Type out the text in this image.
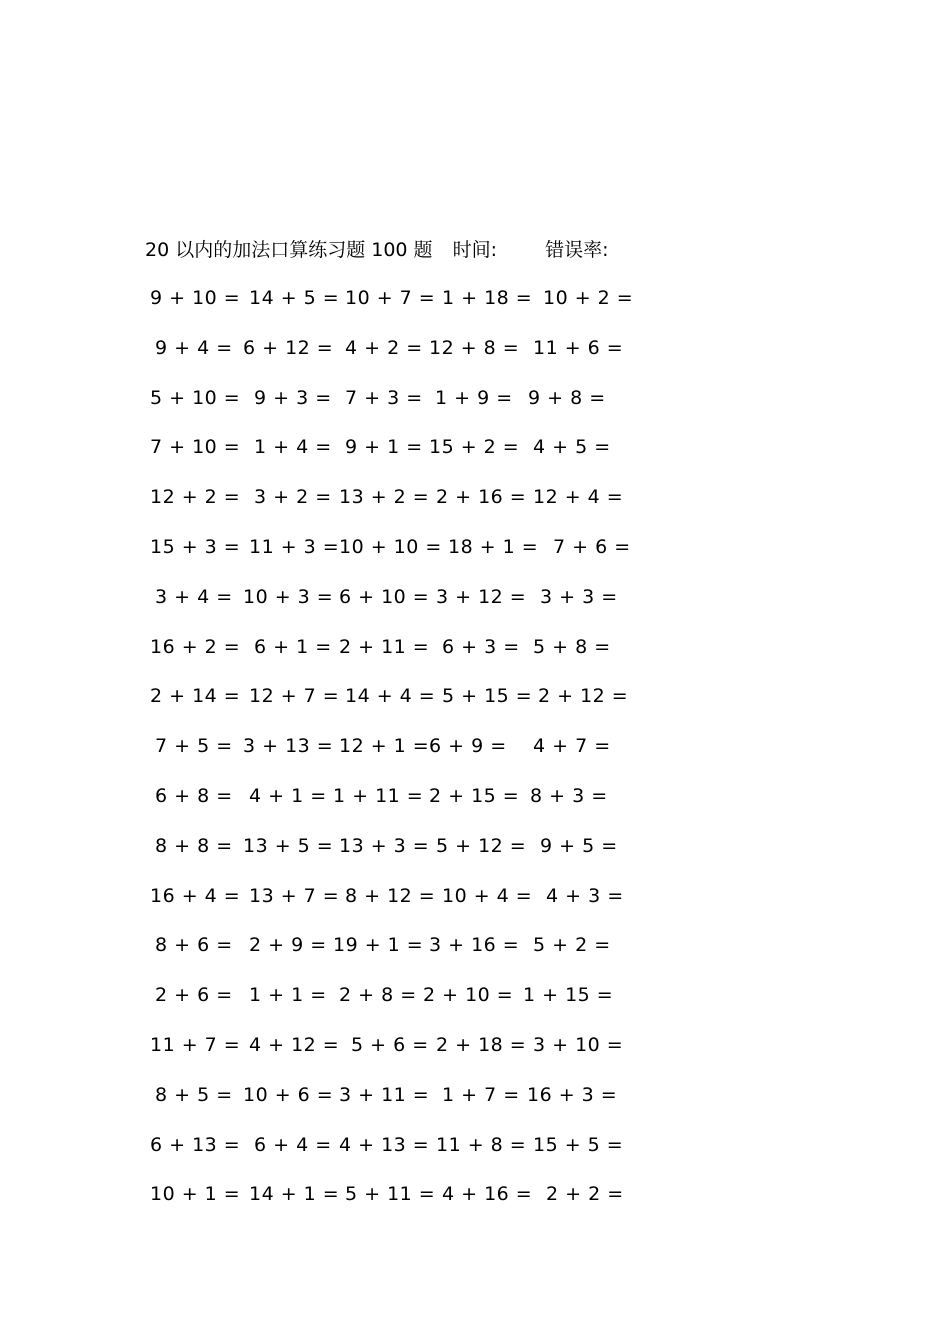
20 以内的加法口算练习题 100 题 时间:	错误率:
9 + 10 = 14 + 5 = 10 + 7 = 1 + 18 = 10 + 2 =
9 + 4 = 6 + 12 = 4 + 2 = 12 + 8 = 11 + 6 =
5 + 10 = 9 + 3 = 7 + 3 = 1 + 9 = 9 + 8 =
7 + 10 = 1 + 4 = 9 + 1 = 15 + 2 = 4 + 5 =
12 + 2 = 3 + 2 = 13 + 2 = 2 + 16 = 12 + 4 =
15 + 3 = 11 + 3 = 10 + 10 = 18 + 1 = 7 + 6 =
3 + 4 = 10 + 3 = 6 + 10 = 3 + 12 = 3 + 3 =
16 + 2 = 6 + 1 = 2 + 11 = 6 + 3 = 5 + 8 =
2 + 14 = 12 + 7 = 14 + 4 = 5 + 15 = 2 + 12 =
7 + 5 = 3 + 13 = 12 + 1 = 6 + 9 = 4 + 7 =
6 + 8 = 4 + 1 = 1 + 11 = 2 + 15 = 8 + 3 =
8 + 8 = 13 + 5 = 13 + 3 = 5 + 12 = 9 + 5 =
16 + 4 = 13 + 7 = 8 + 12 = 10 + 4 = 4 + 3 =
8 + 6 = 2 + 9 = 19 + 1 = 3 + 16 = 5 + 2 =
2 + 6 = 1 + 1 = 2 + 8 = 2 + 10 = 1 + 15 =
11 + 7 = 4 + 12 = 5 + 6 = 2 + 18 = 3 + 10 =
8 + 5 = 10 + 6 = 3 + 11 = 1 + 7 = 16 + 3 =
6 + 13 = 6 + 4 = 4 + 13 = 11 + 8 = 15 + 5 =
10 + 1 = 14 + 1 = 5 + 11 = 4 + 16 = 2 + 2 =
